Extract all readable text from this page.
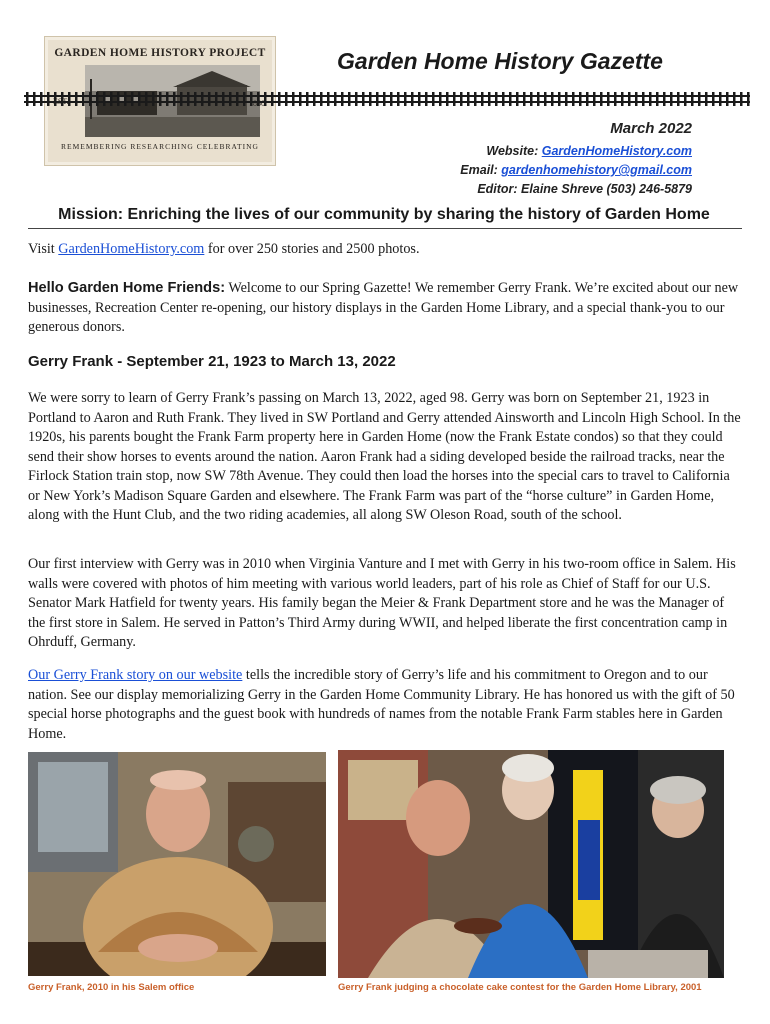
GARDEN HOME HISTORY PROJECT
REMEMBERING RESEARCHING CELEBRATING
Garden Home History Gazette
March 2022
Website: GardenHomeHistory.com
Email: gardenhomehistory@gmail.com
Editor: Elaine Shreve (503) 246-5879
Mission: Enriching the lives of our community by sharing the history of Garden Home
Visit GardenHomeHistory.com for over 250 stories and 2500 photos.
Hello Garden Home Friends: Welcome to our Spring Gazette! We remember Gerry Frank. We’re excited about our new businesses, Recreation Center re-opening, our history displays in the Garden Home Library, and a special thank-you to our generous donors.
Gerry Frank - September 21, 1923 to March 13, 2022
We were sorry to learn of Gerry Frank’s passing on March 13, 2022, aged 98. Gerry was born on September 21, 1923 in Portland to Aaron and Ruth Frank. They lived in SW Portland and Gerry attended Ainsworth and Lincoln High School. In the 1920s, his parents bought the Frank Farm property here in Garden Home (now the Frank Estate condos) so that they could send their show horses to events around the nation. Aaron Frank had a siding developed beside the railroad tracks, near the Firlock Station train stop, now SW 78th Avenue. They could then load the horses into the special cars to travel to California or New York’s Madison Square Garden and elsewhere. The Frank Farm was part of the “horse culture” in Garden Home, along with the Hunt Club, and the two riding academies, all along SW Oleson Road, south of the school.
Our first interview with Gerry was in 2010 when Virginia Vanture and I met with Gerry in his two-room office in Salem. His walls were covered with photos of him meeting with various world leaders, part of his role as Chief of Staff for our U.S. Senator Mark Hatfield for twenty years. His family began the Meier & Frank Department store and he was the Manager of the first store in Salem. He served in Patton’s Third Army during WWII, and helped liberate the first concentration camp in Ohrduff, Germany.
Our Gerry Frank story on our website tells the incredible story of Gerry’s life and his commitment to Oregon and to our nation. See our display memorializing Gerry in the Garden Home Community Library. He has honored us with the gift of 50 special horse photographs and the guest book with hundreds of names from the notable Frank Farm stables here in Garden Home.
Gerry Frank, 2010 in his Salem office	Gerry Frank judging a chocolate cake contest for the Garden Home Library, 2001
